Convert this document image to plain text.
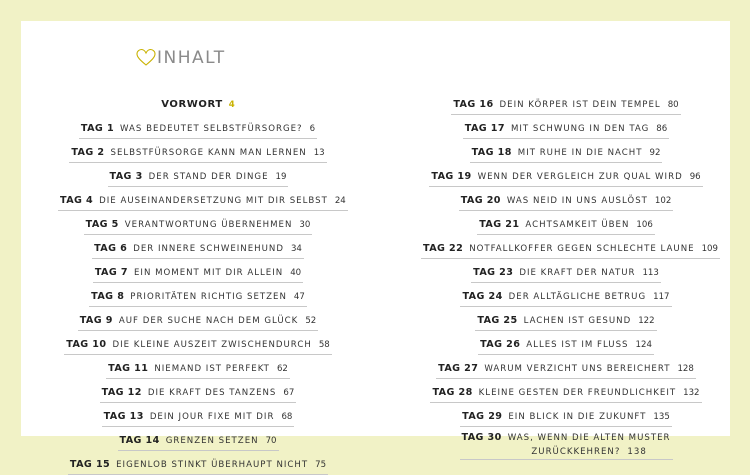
INHALT
VORWORT 4
TAG 1 WAS BEDEUTET SELBSTFÜRSORGE? 6
TAG 2 SELBSTFÜRSORGE KANN MAN LERNEN 13
TAG 3 DER STAND DER DINGE 19
TAG 4 DIE AUSEINANDERSETZUNG MIT DIR SELBST 24
TAG 5 VERANTWORTUNG ÜBERNEHMEN 30
TAG 6 DER INNERE SCHWEINEHUND 34
TAG 7 EIN MOMENT MIT DIR ALLEIN 40
TAG 8 PRIORITÄTEN RICHTIG SETZEN 47
TAG 9 AUF DER SUCHE NACH DEM GLÜCK 52
TAG 10 DIE KLEINE AUSZEIT ZWISCHENDURCH 58
TAG 11 NIEMAND IST PERFEKT 62
TAG 12 DIE KRAFT DES TANZENS 67
TAG 13 DEIN JOUR FIXE MIT DIR 68
TAG 14 GRENZEN SETZEN 70
TAG 15 EIGENLOB STINKT ÜBERHAUPT NICHT 75
TAG 16 DEIN KÖRPER IST DEIN TEMPEL 80
TAG 17 MIT SCHWUNG IN DEN TAG 86
TAG 18 MIT RUHE IN DIE NACHT 92
TAG 19 WENN DER VERGLEICH ZUR QUAL WIRD 96
TAG 20 WAS NEID IN UNS AUSLÖST 102
TAG 21 ACHTSAMKEIT ÜBEN 106
TAG 22 NOTFALLKOFFER GEGEN SCHLECHTE LAUNE 109
TAG 23 DIE KRAFT DER NATUR 113
TAG 24 DER ALLTÄGLICHE BETRUG 117
TAG 25 LACHEN IST GESUND 122
TAG 26 ALLES IST IM FLUSS 124
TAG 27 WARUM VERZICHT UNS BEREICHERT 128
TAG 28 KLEINE GESTEN DER FREUNDLICHKEIT 132
TAG 29 EIN BLICK IN DIE ZUKUNFT 135
TAG 30 WAS, WENN DIE ALTEN MUSTER
ZURÜCKKEHREN? 138
